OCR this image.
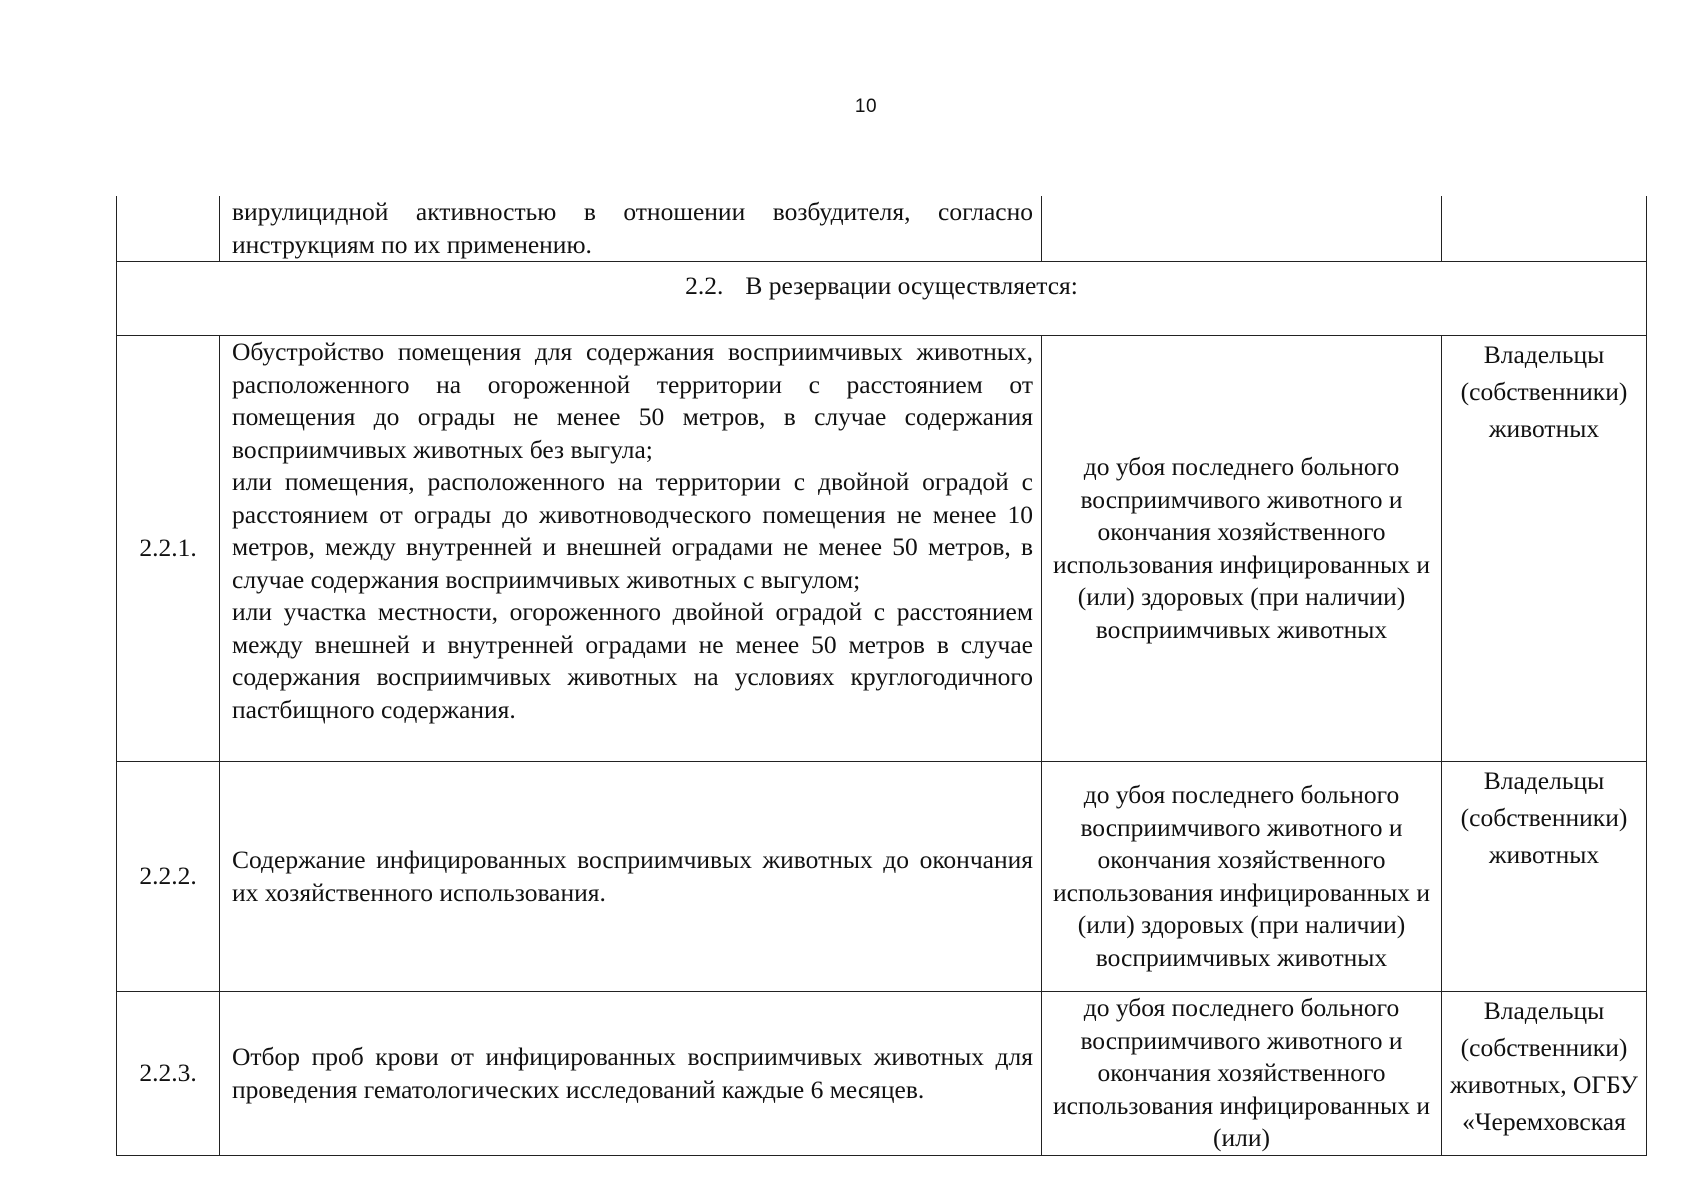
10
	вирулицидной активностью в отношении возбудителя, согласно инструкциям по их применению.		
2.2. В резервации осуществляется:			
2.2.1.	Обустройство помещения для содержания восприимчивых животных, расположенного на огороженной территории с расстоянием от помещения до ограды не менее 50 метров, в случае содержания восприимчивых животных без выгула;

или помещения, расположенного на территории с двойной оградой с расстоянием от ограды до животноводческого помещения не менее 10 метров, между внутренней и внешней оградами не менее 50 метров, в случае содержания восприимчивых животных с выгулом;

или участка местности, огороженного двойной оградой с расстоянием между внешней и внутренней оградами не менее 50 метров в случае содержания восприимчивых животных на условиях круглогодичного пастбищного содержания.	до убоя последнего больного восприимчивого животного и окончания хозяйственного использования инфицированных и (или) здоровых (при наличии) восприимчивых животных	Владельцы (собственники) животных
2.2.2.	Содержание инфицированных восприимчивых животных до окончания их хозяйственного использования.	до убоя последнего больного восприимчивого животного и окончания хозяйственного использования инфицированных и (или) здоровых (при наличии) восприимчивых животных	Владельцы (собственники) животных
2.2.3.	Отбор проб крови от инфицированных восприимчивых животных для проведения гематологических исследований каждые 6 месяцев.	до убоя последнего больного восприимчивого животного и окончания хозяйственного использования инфицированных и (или)	Владельцы (собственники) животных, ОГБУ «Черемховская
